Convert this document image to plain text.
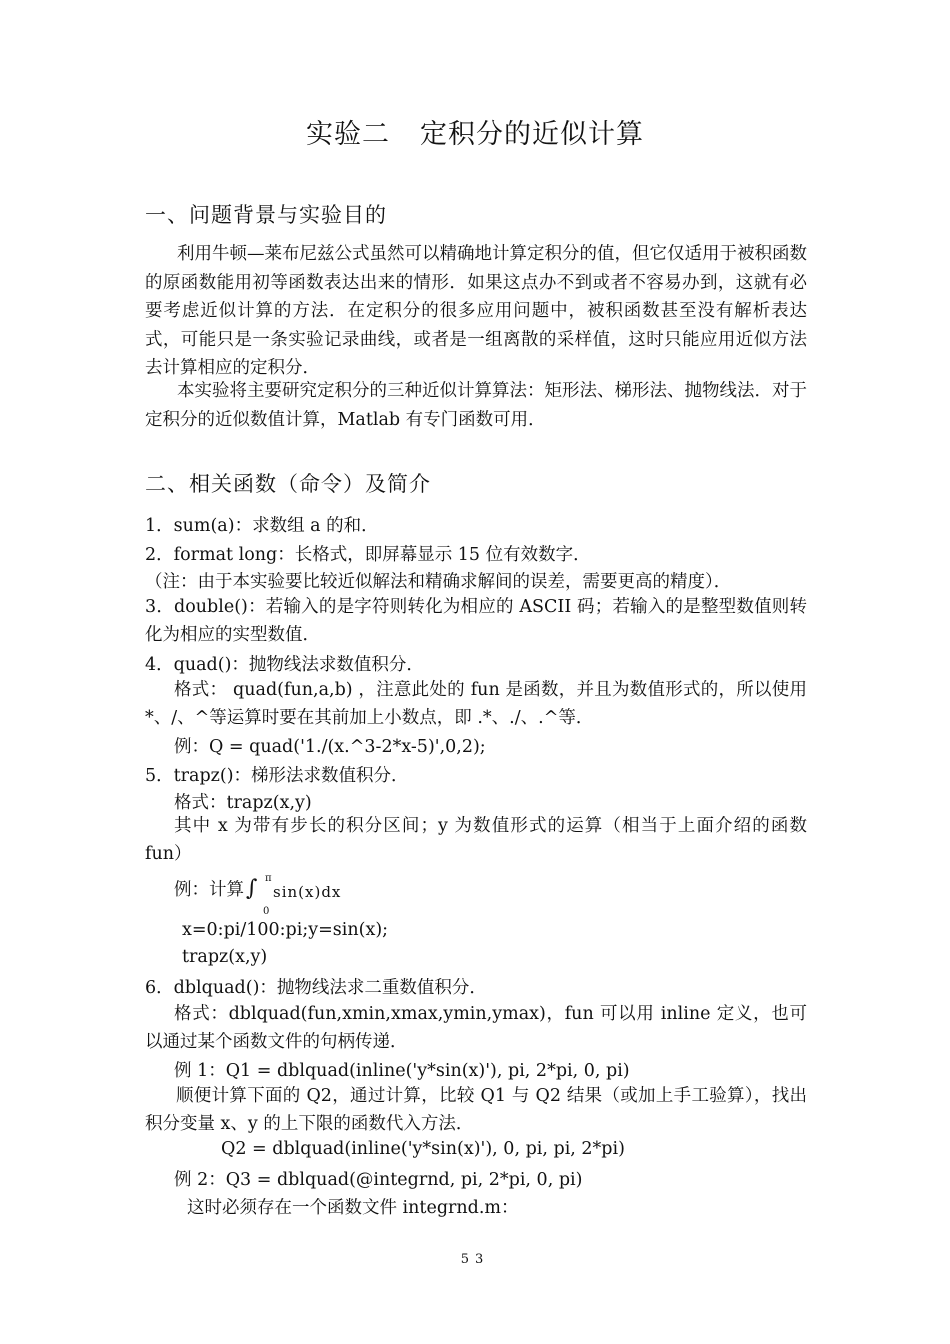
实验二 定积分的近似计算
一、问题背景与实验目的
利用牛顿—莱布尼兹公式虽然可以精确地计算定积分的值，但它仅适用于被积函数的原函数能用初等函数表达出来的情形．如果这点办不到或者不容易办到，这就有必要考虑近似计算的方法．在定积分的很多应用问题中，被积函数甚至没有解析表达式，可能只是一条实验记录曲线，或者是一组离散的采样值，这时只能应用近似方法去计算相应的定积分．
本实验将主要研究定积分的三种近似计算算法：矩形法、梯形法、抛物线法．对于定积分的近似数值计算，Matlab 有专门函数可用．
二、相关函数（命令）及简介
1．sum(a)：求数组 a 的和．
2．format long：长格式，即屏幕显示 15 位有效数字．
（注：由于本实验要比较近似解法和精确求解间的误差，需要更高的精度）．
3．double()：若输入的是字符则转化为相应的 ASCII 码；若输入的是整型数值则转化为相应的实型数值．
4．quad()：抛物线法求数值积分．
格式： quad(fun,a,b) ，注意此处的 fun 是函数，并且为数值形式的，所以使用*、/、^等运算时要在其前加上小数点，即 .*、./、.^等．
例：Q = quad('1./(x.^3-2*x-5)',0,2);
5．trapz()：梯形法求数值积分．
格式：trapz(x,y)
其中 x 为带有步长的积分区间；y 为数值形式的运算（相当于上面介绍的函数 fun）
例：计算∫ π
0
sin(x)dx
x=0:pi/100:pi;y=sin(x);
trapz(x,y)
6．dblquad()：抛物线法求二重数值积分．
格式：dblquad(fun,xmin,xmax,ymin,ymax)，fun 可以用 inline 定义，也可以通过某个函数文件的句柄传递．
例 1：Q1 = dblquad(inline('y*sin(x)'), pi, 2*pi, 0, pi)
顺便计算下面的 Q2，通过计算，比较 Q1 与 Q2 结果（或加上手工验算），找出积分变量 x、y 的上下限的函数代入方法．
Q2 = dblquad(inline('y*sin(x)'), 0, pi, pi, 2*pi)
例 2：Q3 = dblquad(@integrnd, pi, 2*pi, 0, pi)
这时必须存在一个函数文件 integrnd.m：
53
